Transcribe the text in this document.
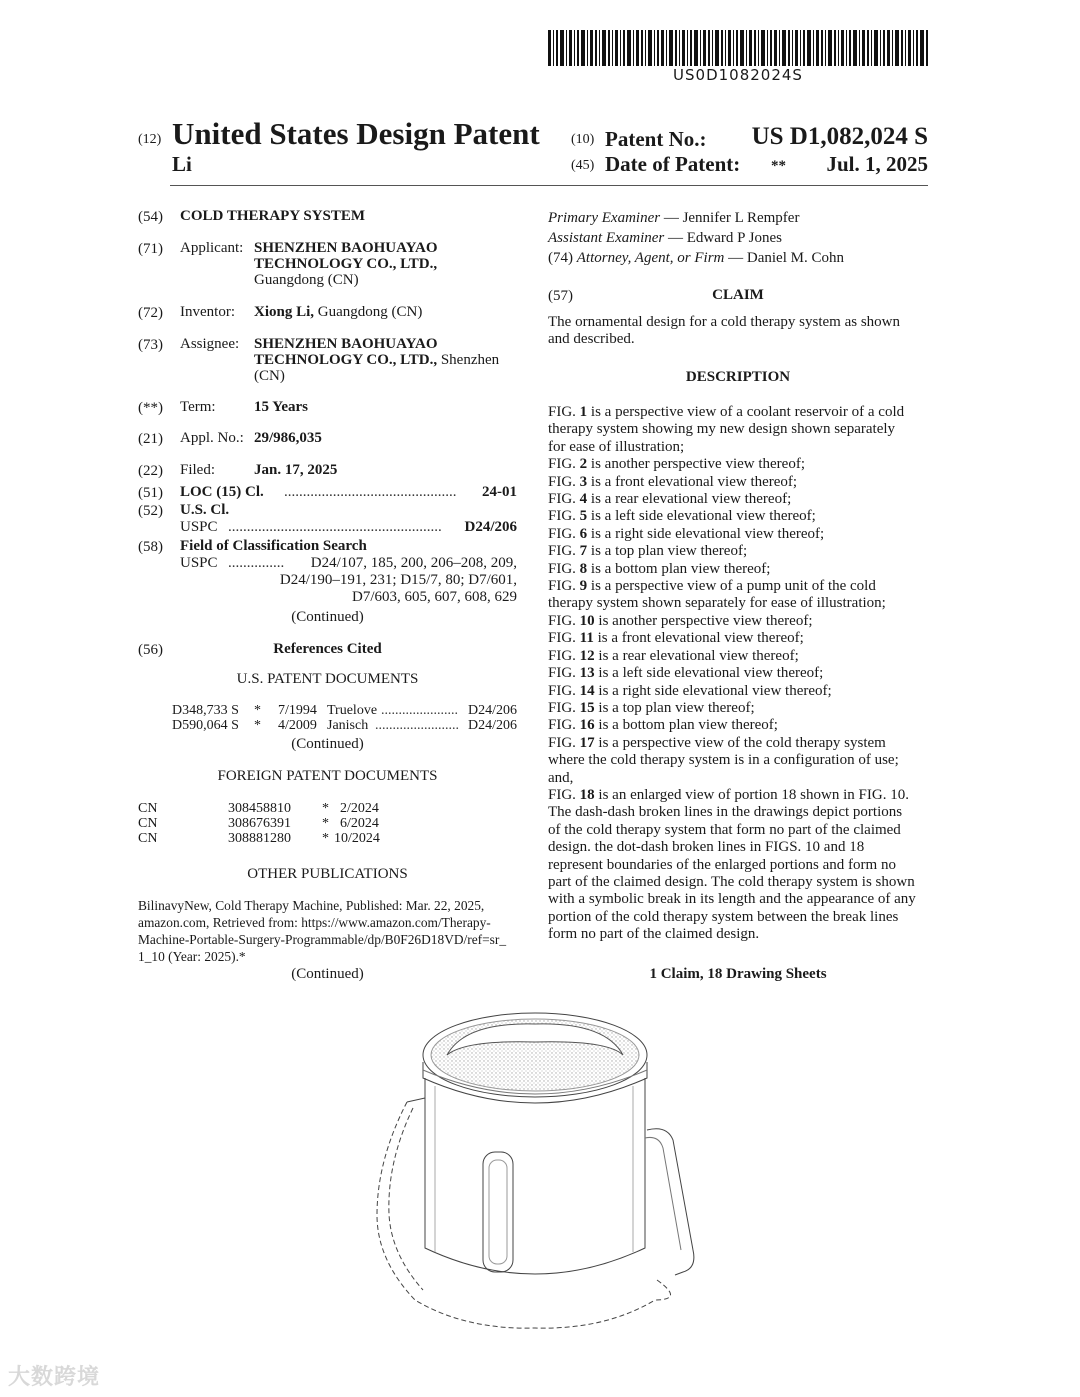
US0D1082024S
(12) United States Design Patent
Li
(10) Patent No.: US D1,082,024 S
(45) Date of Patent: **	Jul. 1, 2025
(54) COLD THERAPY SYSTEM
(71) Applicant: SHENZHEN BAOHUAYAO
TECHNOLOGY CO., LTD.,
Guangdong (CN)
(72) Inventor: Xiong Li, Guangdong (CN)
(73) Assignee: SHENZHEN BAOHUAYAO
TECHNOLOGY CO., LTD., Shenzhen
(CN)
(**) Term:	15 Years
(21) Appl. No.: 29/986,035
(22) Filed:	Jan. 17, 2025
(51) LOC (15) Cl. ..............................................	24-01
(52) U.S. Cl.
USPC .........................................................	D24/206
(58) Field of Classification Search
USPC ...............	D24/107, 185, 200, 206–208, 209,
D24/190–191, 231; D15/7, 80; D7/601,
D7/603, 605, 607, 608, 629
(Continued)
(56)	References Cited
U.S. PATENT DOCUMENTS
D348,733 S * 7/1994 Truelove ...................... D24/206
D590,064 S * 4/2009 Janisch ........................ D24/206
(Continued)
FOREIGN PATENT DOCUMENTS
CN	308458810 * 2/2024
CN	308676391 * 6/2024
CN	308881280 * 10/2024
OTHER PUBLICATIONS
BilinavyNew, Cold Therapy Machine, Published: Mar. 22, 2025,
amazon.com, Retrieved from: https://www.amazon.com/Therapy-
Machine-Portable-Surgery-Programmable/dp/B0F26D18VD/ref=sr_
1_10 (Year: 2025).*
(Continued)
Primary Examiner — Jennifer L Rempfer
Assistant Examiner — Edward P Jones
(74) Attorney, Agent, or Firm — Daniel M. Cohn
(57)	CLAIM
The ornamental design for a cold therapy system as shown
and described.
DESCRIPTION

FIG. 1 is a perspective view of a coolant reservoir of a cold

therapy system showing my new design shown separately

for ease of illustration;

FIG. 2 is another perspective view thereof;

FIG. 3 is a front elevational view thereof;

FIG. 4 is a rear elevational view thereof;

FIG. 5 is a left side elevational view thereof;

FIG. 6 is a right side elevational view thereof;

FIG. 7 is a top plan view thereof;

FIG. 8 is a bottom plan view thereof;

FIG. 9 is a perspective view of a pump unit of the cold

therapy system shown separately for ease of illustration;

FIG. 10 is another perspective view thereof;

FIG. 11 is a front elevational view thereof;

FIG. 12 is a rear elevational view thereof;

FIG. 13 is a left side elevational view thereof;

FIG. 14 is a right side elevational view thereof;

FIG. 15 is a top plan view thereof;

FIG. 16 is a bottom plan view thereof;

FIG. 17 is a perspective view of the cold therapy system

where the cold therapy system is in a configuration of use;

and,

FIG. 18 is an enlarged view of portion 18 shown in FIG. 10.

The dash-dash broken lines in the drawings depict portions

of the cold therapy system that form no part of the claimed

design. the dot-dash broken lines in FIGS. 10 and 18

represent boundaries of the enlarged portions and form no

part of the claimed design. The cold therapy system is shown

with a symbolic break in its length and the appearance of any

portion of the cold therapy system between the break lines

form no part of the claimed design.

1 Claim, 18 Drawing Sheets
大数跨境
